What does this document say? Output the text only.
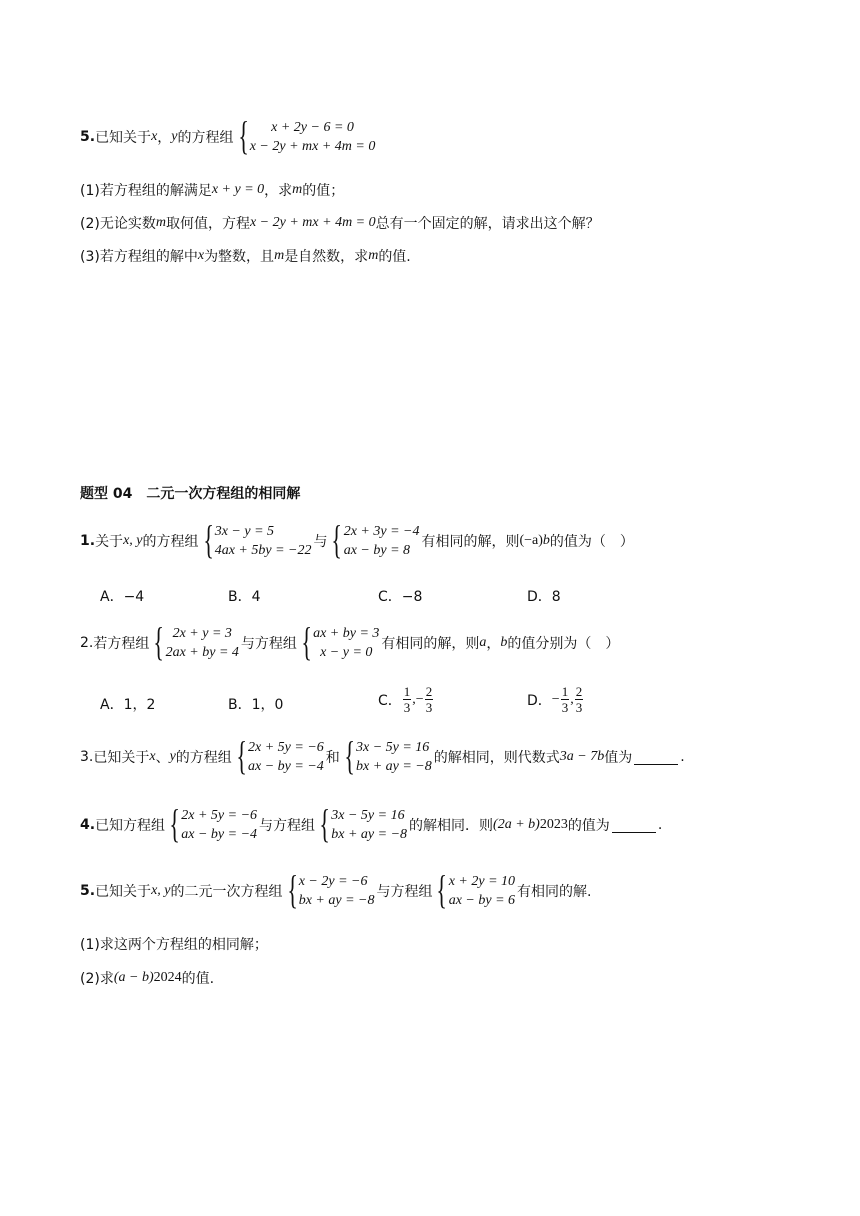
5. 已知关于 x ， y 的方程组 { x + 2y − 6 = 0
x − 2y + mx + 4m = 0
(1)若方程组的解满足 x + y = 0 ，求 m 的值；
(2)无论实数 m 取何值，方程 x − 2y + mx + 4m = 0 总有一个固定的解，请求出这个解？
(3)若方程组的解中 x 为整数，且 m 是自然数，求 m 的值.
题型 04　二元一次方程组的相同解
1. 关于 x, y 的方程组 { 3x − y = 5
4ax + 5by = −22
与 { 2x + 3y = −4
ax − by = 8
有相同的解，则 (−a) b 的值为（　）
A．−4	B．4	C．−8	D．8
2. 若方程组 { 2x + y = 3
2ax + by = 4
与方程组 { ax + by = 3
x − y = 0
有相同的解，则 a ， b 的值分别为（　）
A．1，2	B．1，0	C． $\frac{1}{3}$ ,− $\frac{2}{3}$	D． − $\frac{1}{3}$ , $\frac{2}{3}$
3. 已知关于 x 、 y 的方程组 { 2x + 5y = −6
ax − by = −4
和 { 3x − 5y = 16
bx + ay = −8
的解相同，则代数式 3a − 7b 值为	.
4. 已知方程组 { 2x + 5y = −6
ax − by = −4
与方程组 { 3x − 5y = 16
bx + ay = −8
的解相同．则 (2a + b) 2023 的值为	.
5. 已知关于 x, y 的二元一次方程组 { x − 2y = −6
bx + ay = −8
与方程组 { x + 2y = 10
ax − by = 6
有相同的解.
(1)求这两个方程组的相同解；
(2)求 (a − b) 2024 的值.
